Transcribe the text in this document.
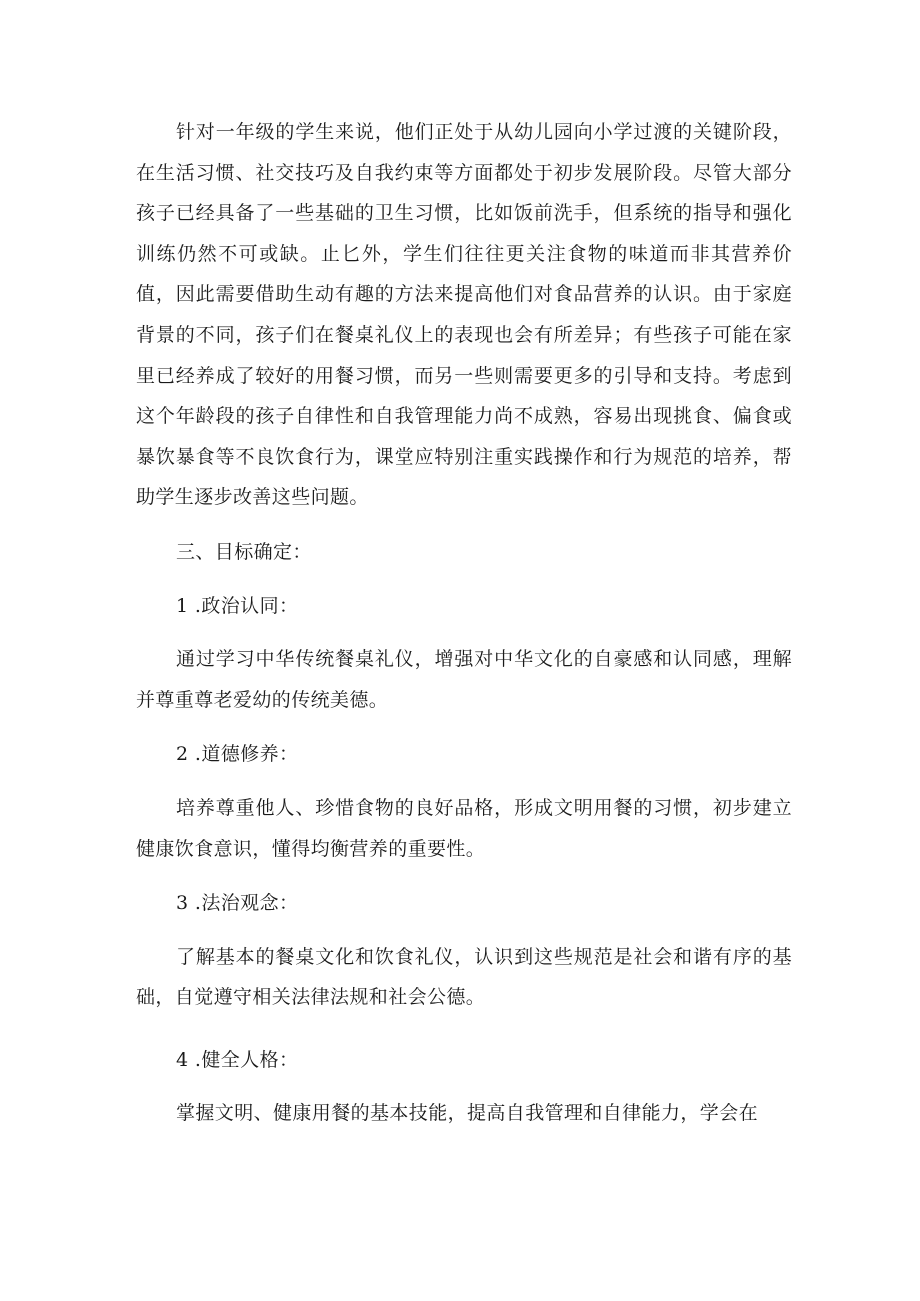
针对一年级的学生来说，他们正处于从幼儿园向小学过渡的关键阶段，在生活习惯、社交技巧及自我约束等方面都处于初步发展阶段。尽管大部分孩子已经具备了一些基础的卫生习惯，比如饭前洗手，但系统的指导和强化训练仍然不可或缺。止匕外，学生们往往更关注食物的味道而非其营养价值，因此需要借助生动有趣的方法来提高他们对食品营养的认识。由于家庭背景的不同，孩子们在餐桌礼仪上的表现也会有所差异；有些孩子可能在家里已经养成了较好的用餐习惯，而另一些则需要更多的引导和支持。考虑到这个年龄段的孩子自律性和自我管理能力尚不成熟，容易出现挑食、偏食或暴饮暴食等不良饮食行为，课堂应特别注重实践操作和行为规范的培养，帮助学生逐步改善这些问题。

三、目标确定：

1 .政治认同：

通过学习中华传统餐桌礼仪，增强对中华文化的自豪感和认同感，理解并尊重尊老爱幼的传统美德。

2 .道德修养：

培养尊重他人、珍惜食物的良好品格，形成文明用餐的习惯，初步建立健康饮食意识，懂得均衡营养的重要性。

3 .法治观念：

了解基本的餐桌文化和饮食礼仪，认识到这些规范是社会和谐有序的基础，自觉遵守相关法律法规和社会公德。

4 .健全人格：

掌握文明、健康用餐的基本技能，提高自我管理和自律能力，学会在
